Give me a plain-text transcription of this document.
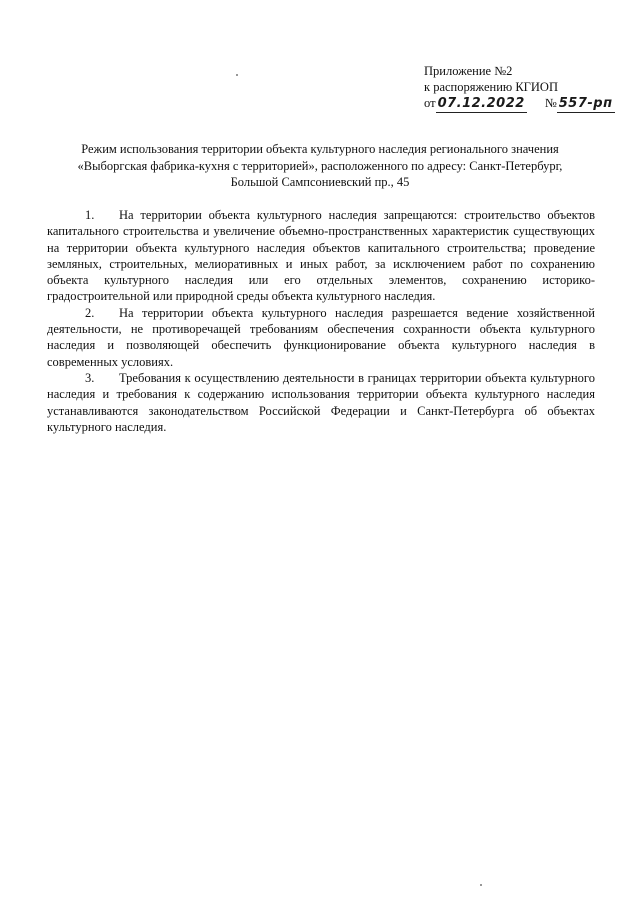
Приложение №2
к распоряжению КГИОП
от 07.12.2022 № 557-рп
Режим использования территории объекта культурного наследия регионального значения
«Выборгская фабрика-кухня с территорией», расположенного по адресу: Санкт-Петербург,
Большой Сампсониевский пр., 45

1. На территории объекта культурного наследия запрещаются: строительство объектов капитального строительства и увеличение объемно-пространственных характеристик существующих на территории объекта культурного наследия объектов капитального строительства; проведение земляных, строительных, мелиоративных и иных работ, за исключением работ по сохранению объекта культурного наследия или его отдельных элементов, сохранению историко-градостроительной или природной среды объекта культурного наследия.

2. На территории объекта культурного наследия разрешается ведение хозяйственной деятельности, не противоречащей требованиям обеспечения сохранности объекта культурного наследия и позволяющей обеспечить функционирование объекта культурного наследия в современных условиях.

3. Требования к осуществлению деятельности в границах территории объекта культурного наследия и требования к содержанию использования территории объекта культурного наследия устанавливаются законодательством Российской Федерации и Санкт-Петербурга об объектах культурного наследия.
